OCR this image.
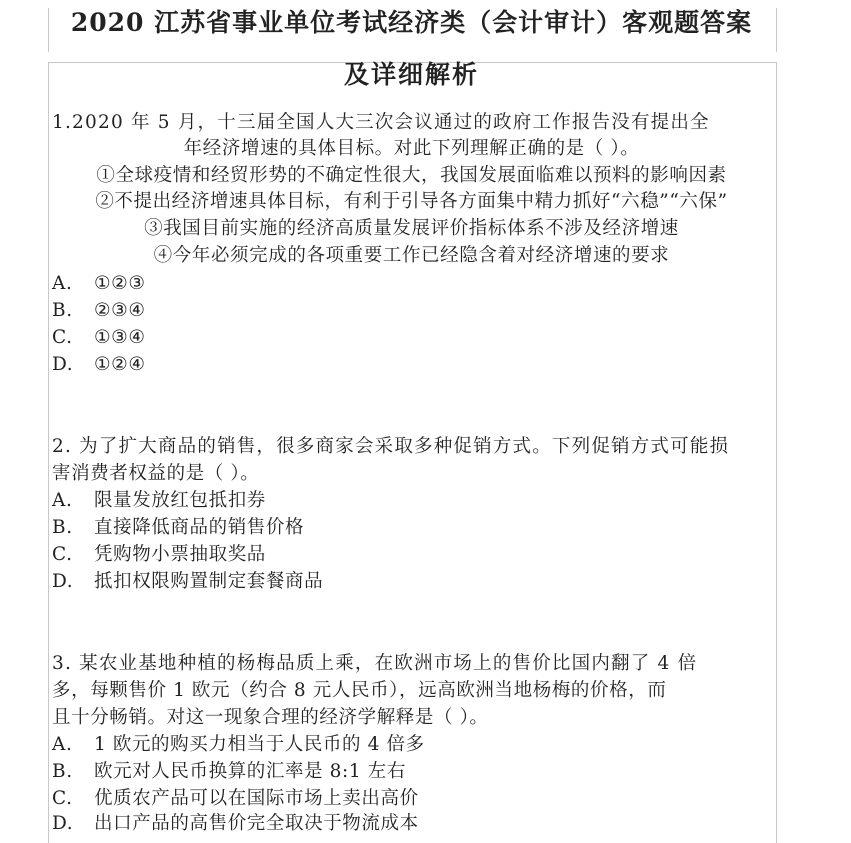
2020 江苏省事业单位考试经济类（会计审计）客观题答案
及详细解析
1.2020 年 5 月，十三届全国人大三次会议通过的政府工作报告没有提出全
年经济增速的具体目标。对此下列理解正确的是（ ）。
①全球疫情和经贸形势的不确定性很大，我国发展面临难以预料的影响因素
②不提出经济增速具体目标，有利于引导各方面集中精力抓好“六稳”“六保”
③我国目前实施的经济高质量发展评价指标体系不涉及经济增速
④今年必须完成的各项重要工作已经隐含着对经济增速的要求
A. ①②③
B. ②③④
C. ①③④
D. ①②④
2. 为了扩大商品的销售，很多商家会采取多种促销方式。下列促销方式可能损
害消费者权益的是（ ）。
A. 限量发放红包抵扣券
B. 直接降低商品的销售价格
C. 凭购物小票抽取奖品
D. 抵扣权限购置制定套餐商品
3. 某农业基地种植的杨梅品质上乘，在欧洲市场上的售价比国内翻了 4 倍
多，每颗售价 1 欧元（约合 8 元人民币），远高欧洲当地杨梅的价格，而
且十分畅销。对这一现象合理的经济学解释是（ ）。
A. 1 欧元的购买力相当于人民币的 4 倍多
B. 欧元对人民币换算的汇率是 8:1 左右
C. 优质农产品可以在国际市场上卖出高价
D. 出口产品的高售价完全取决于物流成本
